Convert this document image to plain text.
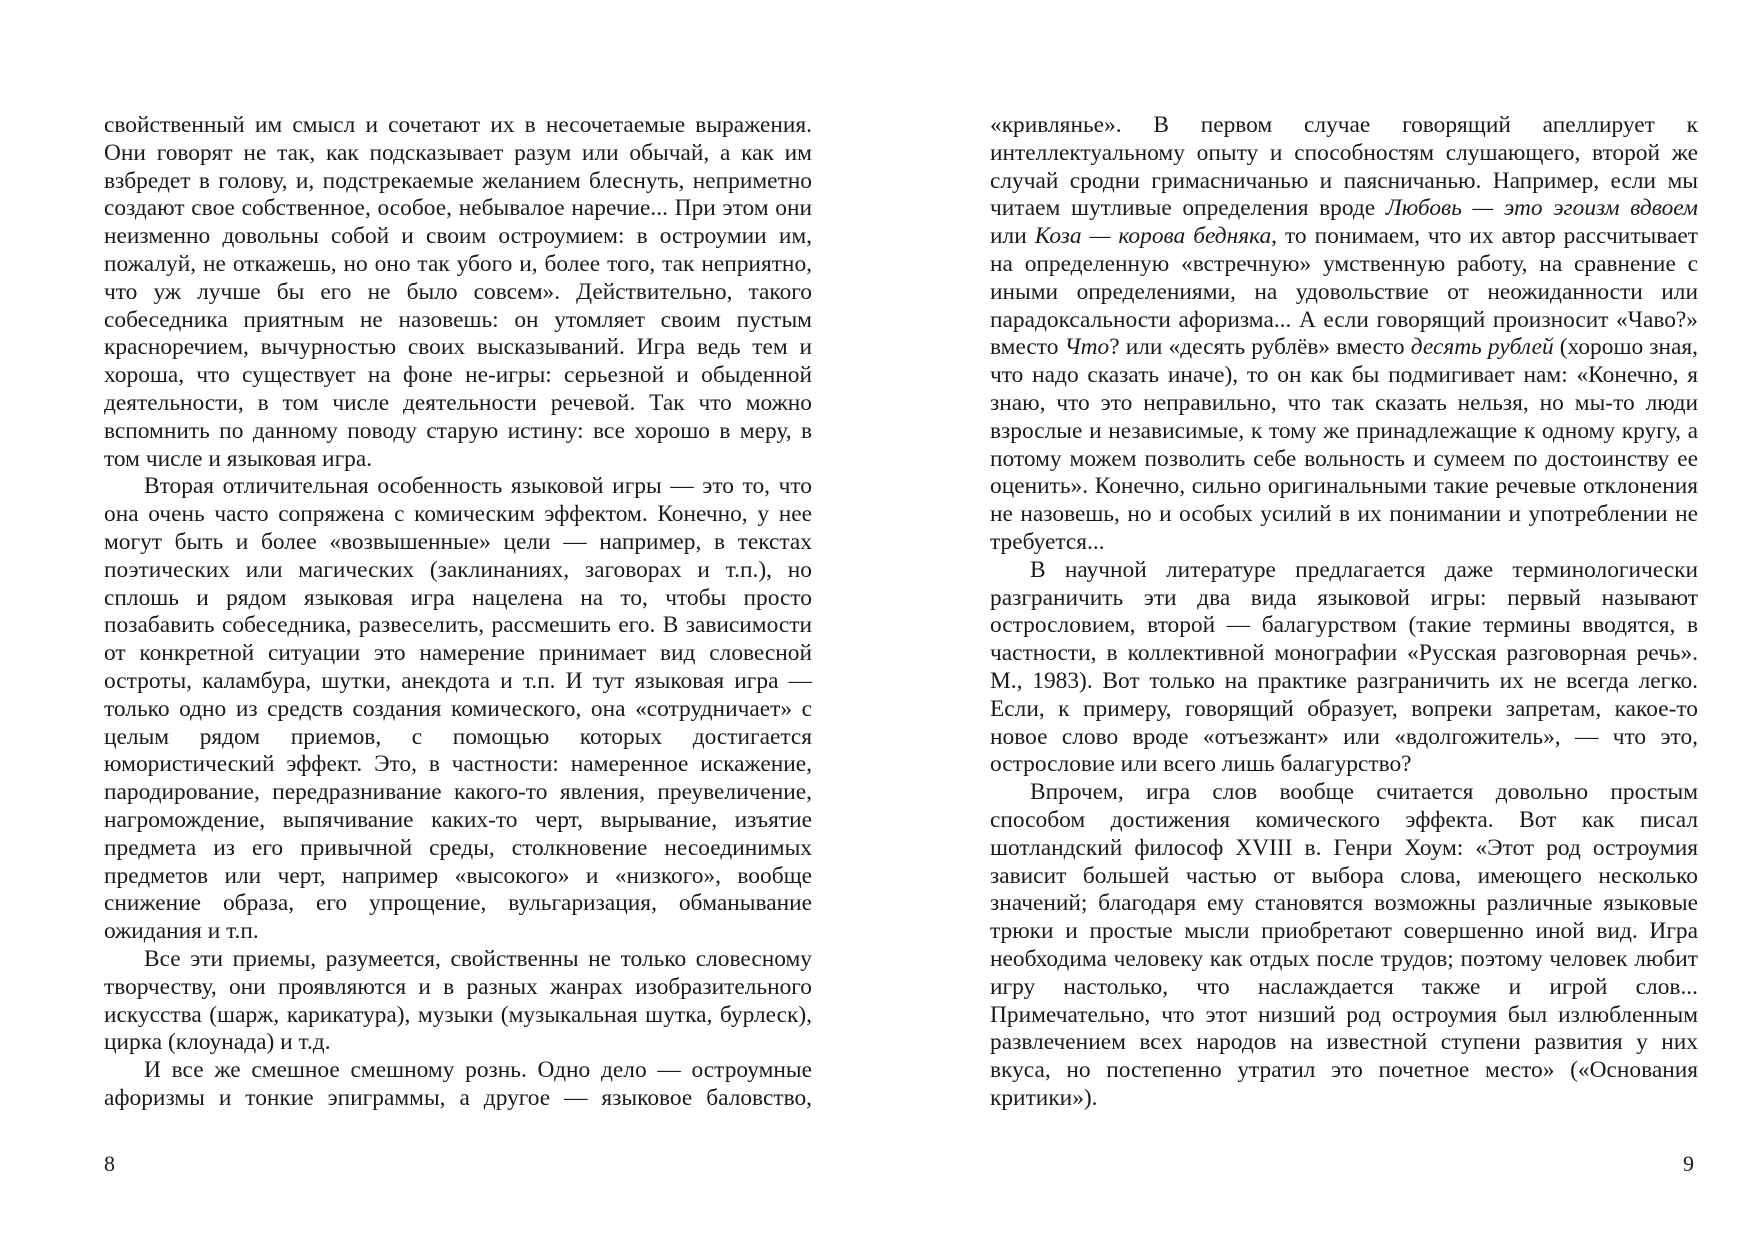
свойственный им смысл и сочетают их в несочетаемые выражения. Они говорят не так, как подсказывает разум или обычай, а как им взбредет в голову, и, подстрекаемые желанием блеснуть, неприметно создают свое собственное, особое, небывалое наречие... При этом они неизменно довольны собой и своим остроумием: в остроумии им, пожалуй, не откажешь, но оно так убого и, более того, так неприятно, что уж лучше бы его не было совсем». Действительно, такого собеседника приятным не назовешь: он утомляет своим пустым красноречием, вычурностью своих высказываний. Игра ведь тем и хороша, что существует на фоне не-игры: серьезной и обыденной деятельности, в том числе деятельности речевой. Так что можно вспомнить по данному поводу старую истину: все хорошо в меру, в том числе и языковая игра.

Вторая отличительная особенность языковой игры — это то, что она очень часто сопряжена с комическим эффектом. Конечно, у нее могут быть и более «возвышенные» цели — например, в текстах поэтических или магических (заклинаниях, заговорах и т.п.), но сплошь и рядом языковая игра нацелена на то, чтобы просто позабавить собеседника, развеселить, рассмешить его. В зависимости от конкретной ситуации это намерение принимает вид словесной остроты, каламбура, шутки, анекдота и т.п. И тут языковая игра — только одно из средств создания комического, она «сотрудничает» с целым рядом приемов, с помощью которых достигается юмористический эффект. Это, в частности: намеренное искажение, пародирование, передразнивание какого-то явления, преувеличение, нагромождение, выпячивание каких-то черт, вырывание, изъятие предмета из его привычной среды, столкновение несоединимых предметов или черт, например «высокого» и «низкого», вообще снижение образа, его упрощение, вульгаризация, обманывание ожидания и т.п.

Все эти приемы, разумеется, свойственны не только словесному творчеству, они проявляются и в разных жанрах изобразительного искусства (шарж, карикатура), музыки (музыкальная шутка, бурлеск), цирка (клоунада) и т.д.

И все же смешное смешному рознь. Одно дело — остроумные афоризмы и тонкие эпиграммы, а другое — языковое баловство,

8

«кривлянье». В первом случае говорящий апеллирует к интеллектуальному опыту и способностям слушающего, второй же случай сродни гримасничанью и паясничанью. Например, если мы читаем шутливые определения вроде Любовь — это эгоизм вдвоем или Коза — корова бедняка, то понимаем, что их автор рассчитывает на определенную «встречную» умственную работу, на сравнение с иными определениями, на удовольствие от неожиданности или парадоксальности афоризма... А если говорящий произносит «Чаво?» вместо Что? или «десять рублёв» вместо десять рублей (хорошо зная, что надо сказать иначе), то он как бы подмигивает нам: «Конечно, я знаю, что это неправильно, что так сказать нельзя, но мы-то люди взрослые и независимые, к тому же принадлежащие к одному кругу, а потому можем позволить себе вольность и сумеем по достоинству ее оценить». Конечно, сильно оригинальными такие речевые отклонения не назовешь, но и особых усилий в их понимании и употреблении не требуется...

В научной литературе предлагается даже терминологически разграничить эти два вида языковой игры: первый называют острословием, второй — балагурством (такие термины вводятся, в частности, в коллективной монографии «Русская разговорная речь». М., 1983). Вот только на практике разграничить их не всегда легко. Если, к примеру, говорящий образует, вопреки запретам, какое-то новое слово вроде «отъезжант» или «вдолгожитель», — что это, острословие или всего лишь балагурство?

Впрочем, игра слов вообще считается довольно простым способом достижения комического эффекта. Вот как писал шотландский философ XVIII в. Генри Хоум: «Этот род остроумия зависит большей частью от выбора слова, имеющего несколько значений; благодаря ему становятся возможны различные языковые трюки и простые мысли приобретают совершенно иной вид. Игра необходима человеку как отдых после трудов; поэтому человек любит игру настолько, что наслаждается также и игрой слов... Примечательно, что этот низший род остроумия был излюбленным развлечением всех народов на известной ступени развития у них вкуса, но постепенно утратил это почетное место» («Основания критики»).

9
